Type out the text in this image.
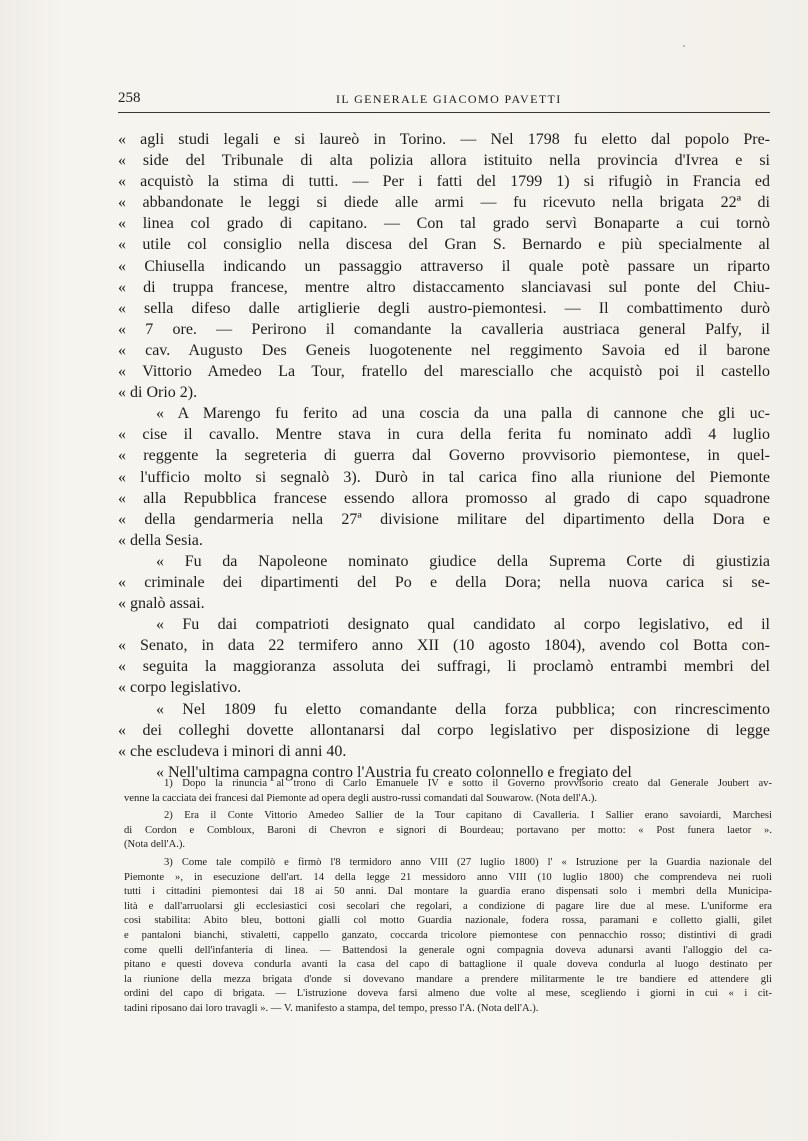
258	IL GENERALE GIACOMO PAVETTI
« agli studi legali e si laureò in Torino. — Nel 1798 fu eletto dal popolo Pre-
« side del Tribunale di alta polizia allora istituito nella provincia d'Ivrea e si
« acquistò la stima di tutti. — Per i fatti del 1799 1) si rifugiò in Francia ed
« abbandonate le leggi si diede alle armi — fu ricevuto nella brigata 22ª di
« linea col grado di capitano. — Con tal grado servì Bonaparte a cui tornò
« utile col consiglio nella discesa del Gran S. Bernardo e più specialmente al
« Chiusella indicando un passaggio attraverso il quale potè passare un riparto
« di truppa francese, mentre altro distaccamento slanciavasi sul ponte del Chiu-
« sella difeso dalle artiglierie degli austro-piemontesi. — Il combattimento durò
« 7 ore. — Perirono il comandante la cavalleria austriaca general Palfy, il
« cav. Augusto Des Geneis luogotenente nel reggimento Savoia ed il barone
« Vittorio Amedeo La Tour, fratello del maresciallo che acquistò poi il castello
« di Orio 2).
« A Marengo fu ferito ad una coscia da una palla di cannone che gli uc-
« cise il cavallo. Mentre stava in cura della ferita fu nominato addì 4 luglio
« reggente la segreteria di guerra dal Governo provvisorio piemontese, in quel-
« l'ufficio molto si segnalò 3). Durò in tal carica fino alla riunione del Piemonte
« alla Repubblica francese essendo allora promosso al grado di capo squadrone
« della gendarmeria nella 27ª divisione militare del dipartimento della Dora e
« della Sesia.
« Fu da Napoleone nominato giudice della Suprema Corte di giustizia
« criminale dei dipartimenti del Po e della Dora; nella nuova carica si se-
« gnalò assai.
« Fu dai compatrioti designato qual candidato al corpo legislativo, ed il
« Senato, in data 22 termifero anno XII (10 agosto 1804), avendo col Botta con-
« seguita la maggioranza assoluta dei suffragi, li proclamò entrambi membri del
« corpo legislativo.
« Nel 1809 fu eletto comandante della forza pubblica; con rincrescimento
« dei colleghi dovette allontanarsi dal corpo legislativo per disposizione di legge
« che escludeva i minori di anni 40.
« Nell'ultima campagna contro l'Austria fu creato colonnello e fregiato del
1) Dopo la rinuncia al trono di Carlo Emanuele IV e sotto il Governo provvisorio creato dal Generale Joubert av-
venne la cacciata dei francesi dal Piemonte ad opera degli austro-russi comandati dal Souwarow. (Nota dell'A.).
2) Era il Conte Vittorio Amedeo Sallier de la Tour capitano di Cavalleria. I Sallier erano savoiardi, Marchesi
di Cordon e Combloux, Baroni di Chevron e signori di Bourdeau; portavano per motto: « Post funera laetor ».
(Nota dell'A.).
3) Come tale compilò e firmò l'8 termidoro anno VIII (27 luglio 1800) l' « Istruzione per la Guardia nazionale del
Piemonte », in esecuzione dell'art. 14 della legge 21 messidoro anno VIII (10 luglio 1800) che comprendeva nei ruoli
tutti i cittadini piemontesi dai 18 ai 50 anni. Dal montare la guardia erano dispensati solo i membri della Municipa-
lità e dall'arruolarsi gli ecclesiastici così secolari che regolari, a condizione di pagare lire due al mese. L'uniforme era
così stabilita: Abito bleu, bottoni gialli col motto Guardia nazionale, fodera rossa, paramani e colletto gialli, gilet
e pantaloni bianchi, stivaletti, cappello ganzato, coccarda tricolore piemontese con pennacchio rosso; distintivi di gradi
come quelli dell'infanteria di linea. — Battendosi la generale ogni compagnia doveva adunarsi avanti l'alloggio del ca-
pitano e questi doveva condurla avanti la casa del capo di battaglione il quale doveva condurla al luogo destinato per
la riunione della mezza brigata d'onde si dovevano mandare a prendere militarmente le tre bandiere ed attendere gli
ordini del capo di brigata. — L'istruzione doveva farsi almeno due volte al mese, scegliendo i giorni in cui « i cit-
tadini riposano dai loro travagli ». — V. manifesto a stampa, del tempo, presso l'A. (Nota dell'A.).
